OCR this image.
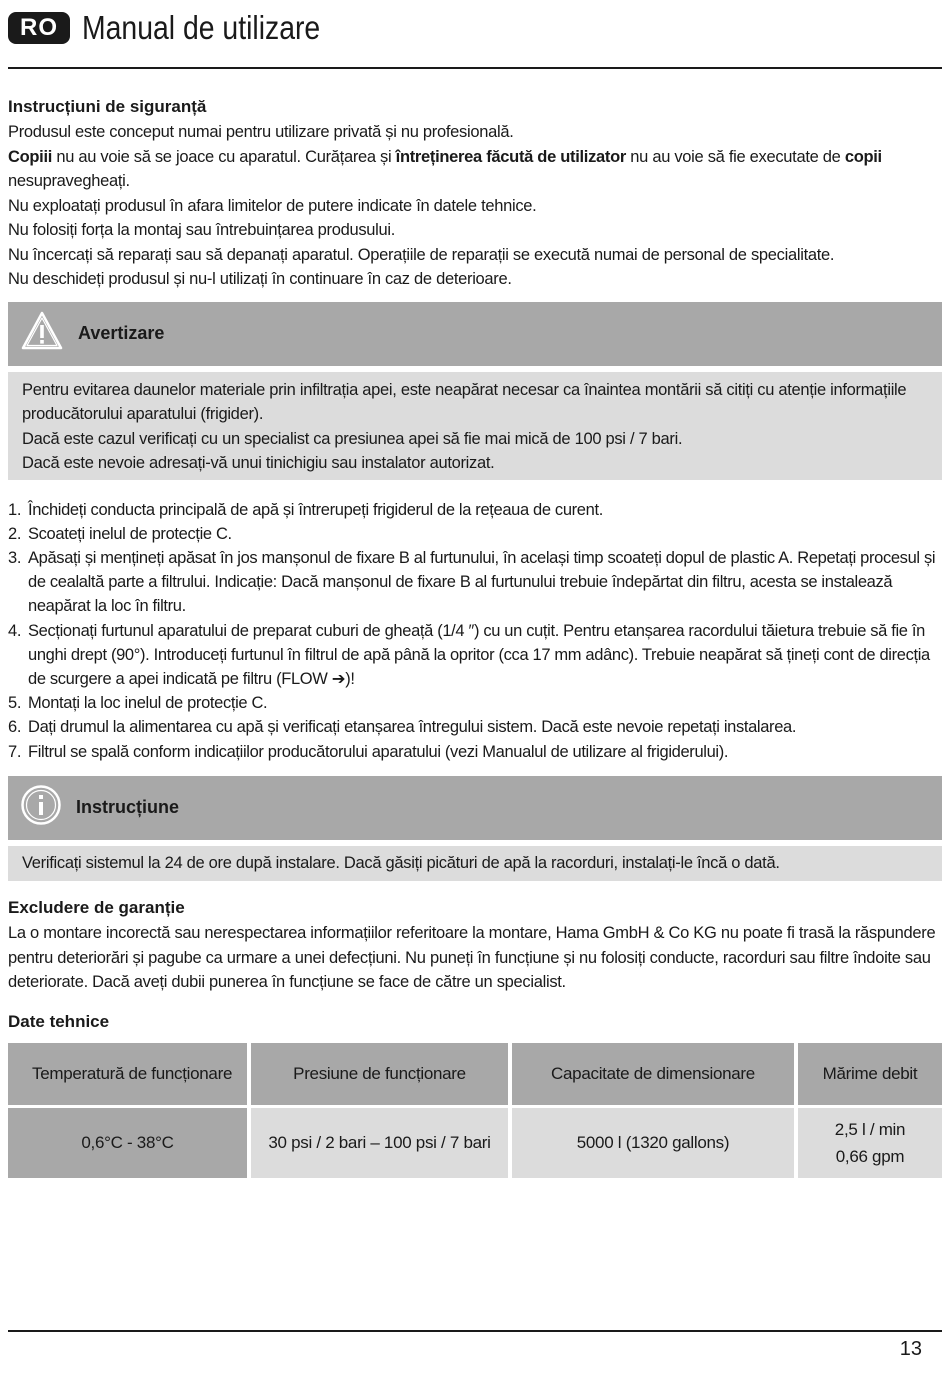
RO Manual de utilizare

Instrucțiuni de siguranță

Produsul este conceput numai pentru utilizare privată și nu profesională.

Copiii nu au voie să se joace cu aparatul. Curățarea și întreținerea făcută de utilizator nu au voie să fie executate de copii nesupravegheați.

Nu exploatați produsul în afara limitelor de putere indicate în datele tehnice.

Nu folosiți forța la montaj sau întrebuințarea produsului.

Nu încercați să reparați sau să depanați aparatul. Operațiile de reparații se execută numai de personal de specialitate.

Nu deschideți produsul și nu-l utilizați în continuare în caz de deterioare.

Avertizare

Pentru evitarea daunelor materiale prin infiltrația apei, este neapărat necesar ca înaintea montării să citiți cu atenție informațiile producătorului aparatului (frigider).

Dacă este cazul verificați cu un specialist ca presiunea apei să fie mai mică de 100 psi / 7 bari.

Dacă este nevoie adresați-vă unui tinichigiu sau instalator autorizat.

1. Închideți conducta principală de apă și întrerupeți frigiderul de la rețeaua de curent.
2. Scoateți inelul de protecție C.
3. Apăsați și mențineți apăsat în jos manșonul de fixare B al furtunului, în același timp scoateți dopul de plastic A. Repetați procesul și de cealaltă parte a filtrului. Indicație: Dacă manșonul de fixare B al furtunului trebuie îndepărtat din filtru, acesta se instalează neapărat la loc în filtru.
4. Secționați furtunul aparatului de preparat cuburi de gheață (1/4 ″) cu un cuțit. Pentru etanșarea racordului tăietura trebuie să fie în unghi drept (90°). Introduceți furtunul în filtrul de apă până la opritor (cca 17 mm adânc). Trebuie neapărat să țineți cont de direcția de scurgere a apei indicată pe filtru (FLOW ➔)!
5. Montați la loc inelul de protecție C.
6. Dați drumul la alimentarea cu apă și verificați etanșarea întregului sistem. Dacă este nevoie repetați instalarea.
7. Filtrul se spală conform indicațiilor producătorului aparatului (vezi Manualul de utilizare al frigiderului).
Instrucțiune

Verificați sistemul la 24 de ore după instalare. Dacă găsiți picături de apă la racorduri, instalați-le încă o dată.

Excludere de garanție

La o montare incorectă sau nerespectarea informațiilor referitoare la montare, Hama GmbH & Co KG nu poate fi trasă la răspundere pentru deteriorări și pagube ca urmare a unei defecțiuni. Nu puneți în funcțiune și nu folosiți conducte, racorduri sau filtre îndoite sau deteriorate. Dacă aveți dubii punerea în funcțiune se face de către un specialist.

Date tehnice

Temperatură de funcționare	Presiune de funcționare	Capacitate de dimensionare	Mărime debit
0,6°C - 38°C	30 psi / 2 bari – 100 psi / 7 bari	5000 l (1320 gallons)	2,5 l / min
0,66 gpm
13
